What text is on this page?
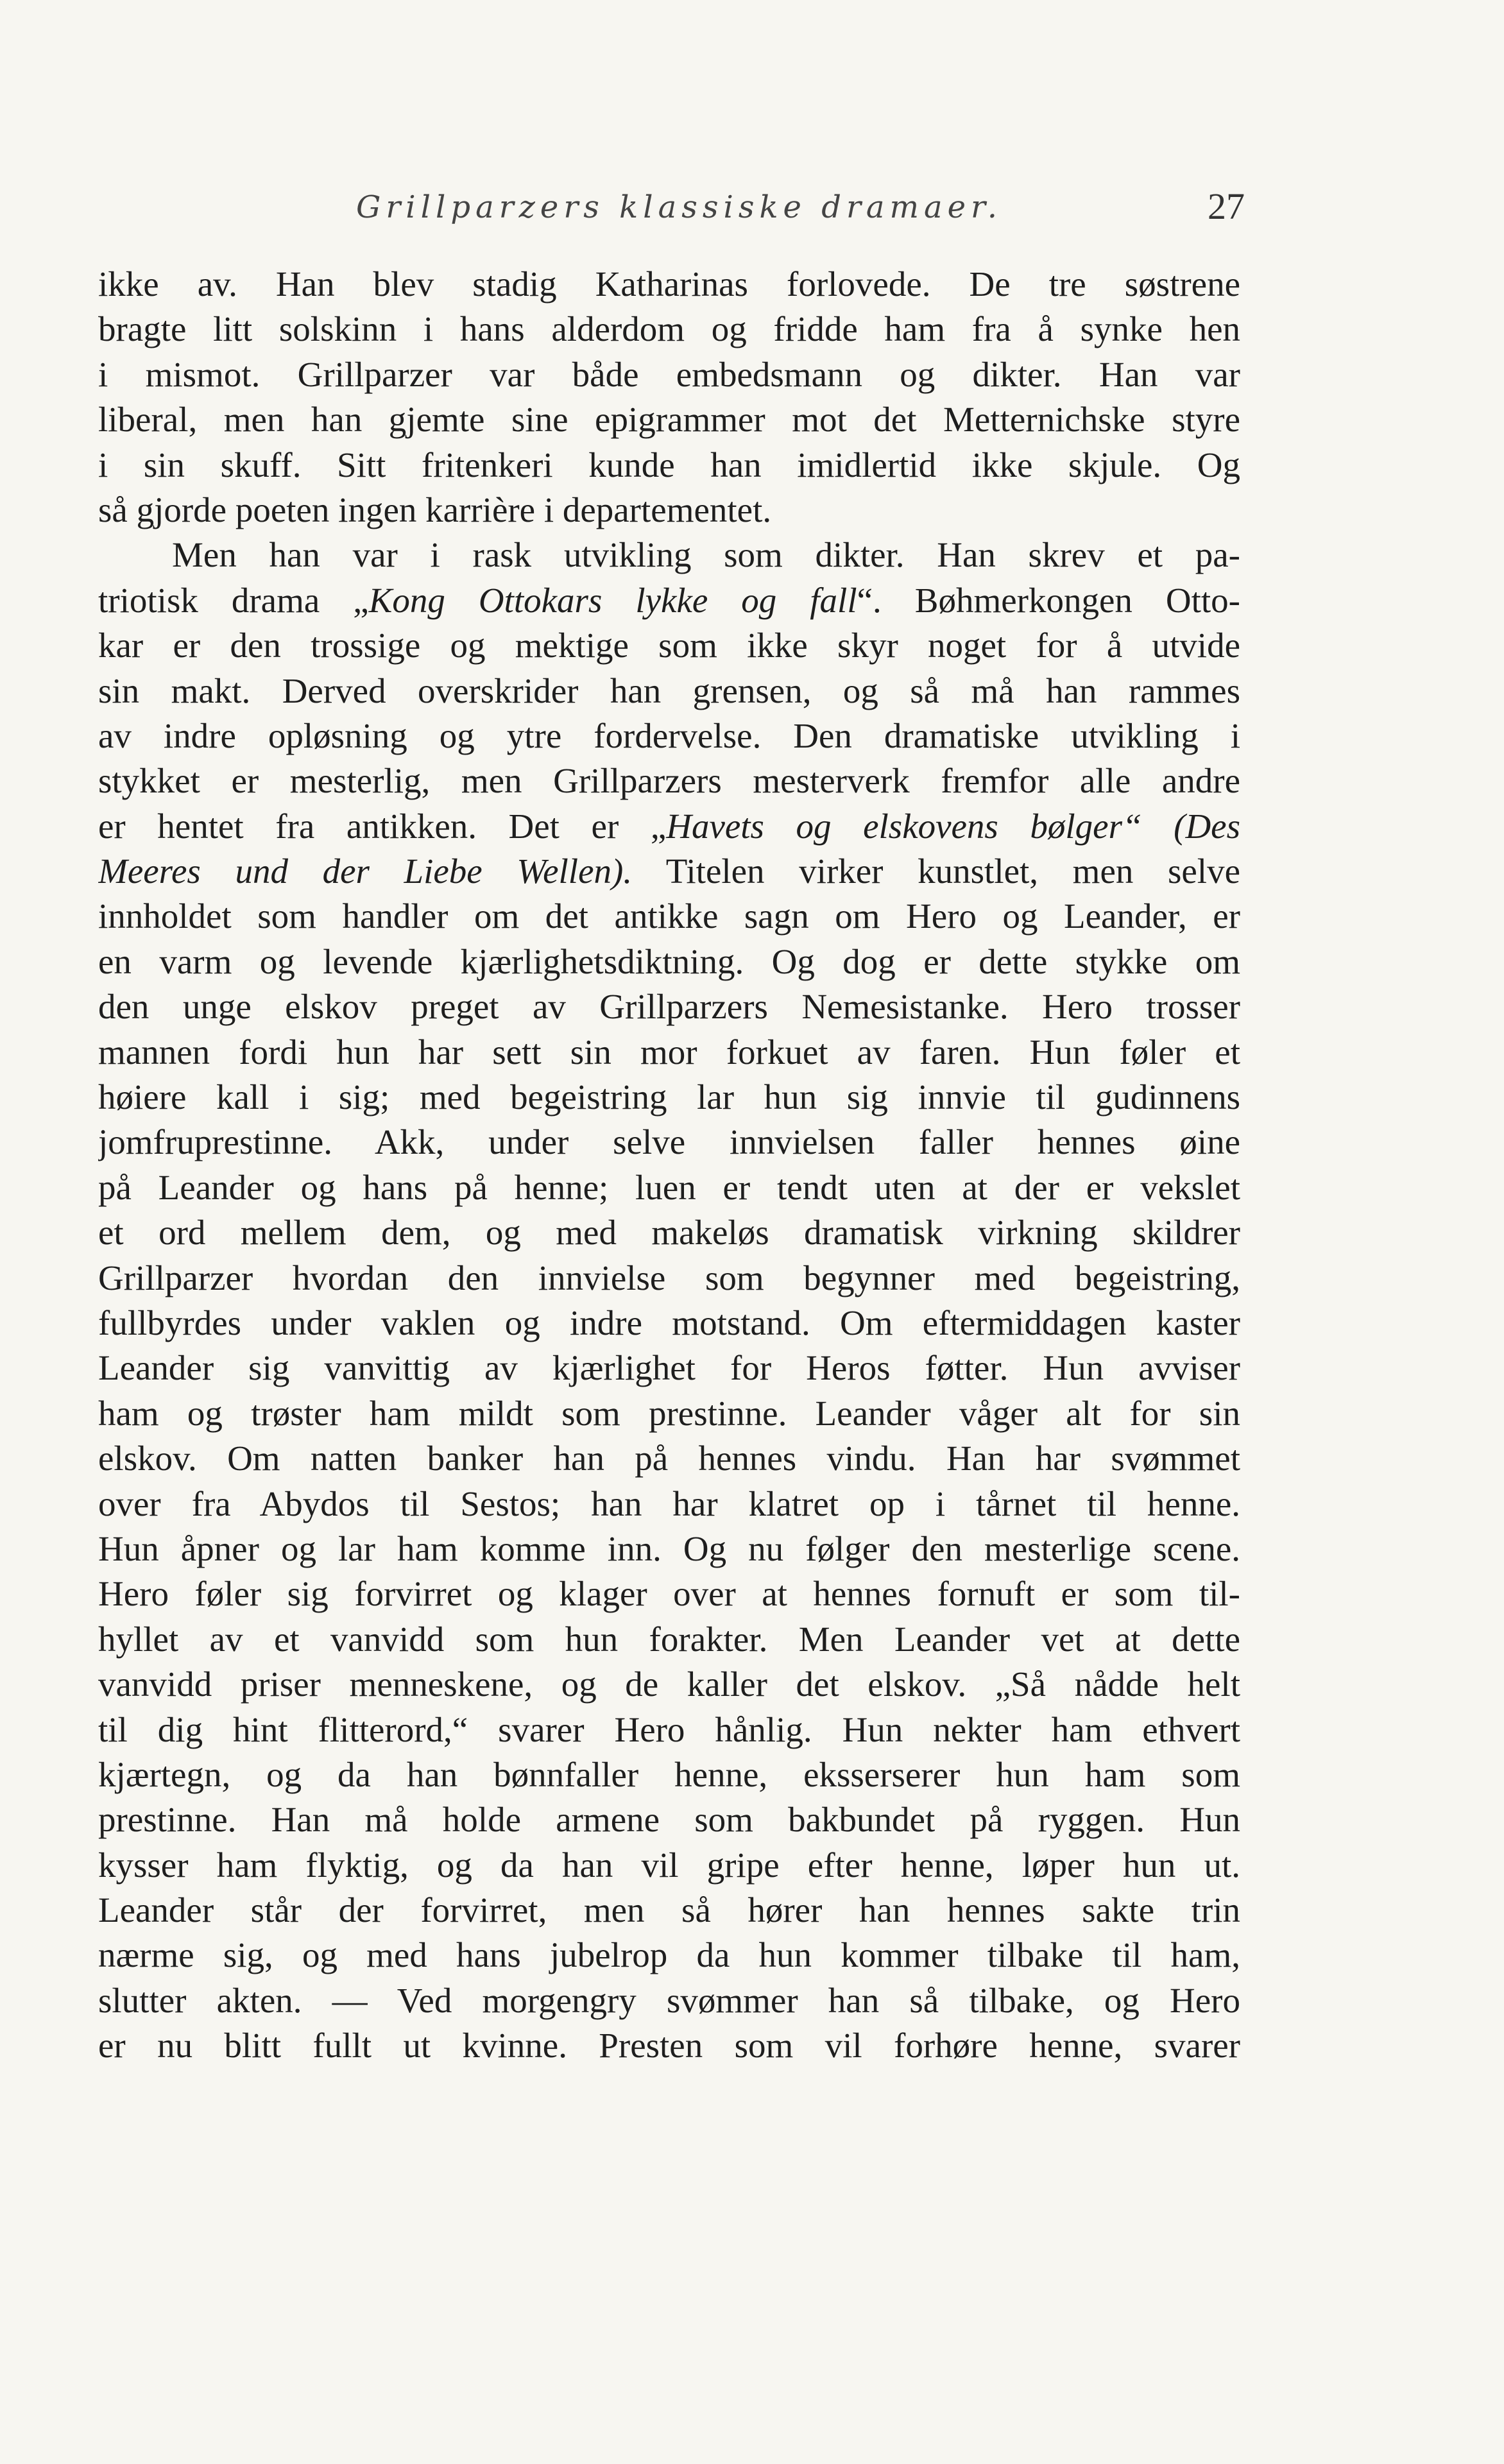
Grillparzers klassiske dramaer.	27
ikke av. Han blev stadig Katharinas forlovede. De tre søstrene
bragte litt solskinn i hans alderdom og fridde ham fra å synke hen
i mismot. Grillparzer var både embedsmann og dikter. Han var
liberal, men han gjemte sine epigrammer mot det Metternichske styre
i sin skuff. Sitt fritenkeri kunde han imidlertid ikke skjule. Og
så gjorde poeten ingen karrière i departementet.
Men han var i rask utvikling som dikter. Han skrev et pa-
triotisk drama „Kong Ottokars lykke og fall“. Bøhmerkongen Otto-
kar er den trossige og mektige som ikke skyr noget for å utvide
sin makt. Derved overskrider han grensen, og så må han rammes
av indre opløsning og ytre fordervelse. Den dramatiske utvikling i
stykket er mesterlig, men Grillparzers mesterverk fremfor alle andre
er hentet fra antikken. Det er „Havets og elskovens bølger“ (Des
Meeres und der Liebe Wellen). Titelen virker kunstlet, men selve
innholdet som handler om det antikke sagn om Hero og Leander, er
en varm og levende kjærlighetsdiktning. Og dog er dette stykke om
den unge elskov preget av Grillparzers Nemesistanke. Hero trosser
mannen fordi hun har sett sin mor forkuet av faren. Hun føler et
høiere kall i sig; med begeistring lar hun sig innvie til gudinnens
jomfruprestinne. Akk, under selve innvielsen faller hennes øine
på Leander og hans på henne; luen er tendt uten at der er vekslet
et ord mellem dem, og med makeløs dramatisk virkning skildrer
Grillparzer hvordan den innvielse som begynner med begeistring,
fullbyrdes under vaklen og indre motstand. Om eftermiddagen kaster
Leander sig vanvittig av kjærlighet for Heros føtter. Hun avviser
ham og trøster ham mildt som prestinne. Leander våger alt for sin
elskov. Om natten banker han på hennes vindu. Han har svømmet
over fra Abydos til Sestos; han har klatret op i tårnet til henne.
Hun åpner og lar ham komme inn. Og nu følger den mesterlige scene.
Hero føler sig forvirret og klager over at hennes fornuft er som til-
hyllet av et vanvidd som hun forakter. Men Leander vet at dette
vanvidd priser menneskene, og de kaller det elskov. „Så nådde helt
til dig hint flitterord,“ svarer Hero hånlig. Hun nekter ham ethvert
kjærtegn, og da han bønnfaller henne, eksserserer hun ham som
prestinne. Han må holde armene som bakbundet på ryggen. Hun
kysser ham flyktig, og da han vil gripe efter henne, løper hun ut.
Leander står der forvirret, men så hører han hennes sakte trin
nærme sig, og med hans jubelrop da hun kommer tilbake til ham,
slutter akten. — Ved morgengry svømmer han så tilbake, og Hero
er nu blitt fullt ut kvinne. Presten som vil forhøre henne, svarer
